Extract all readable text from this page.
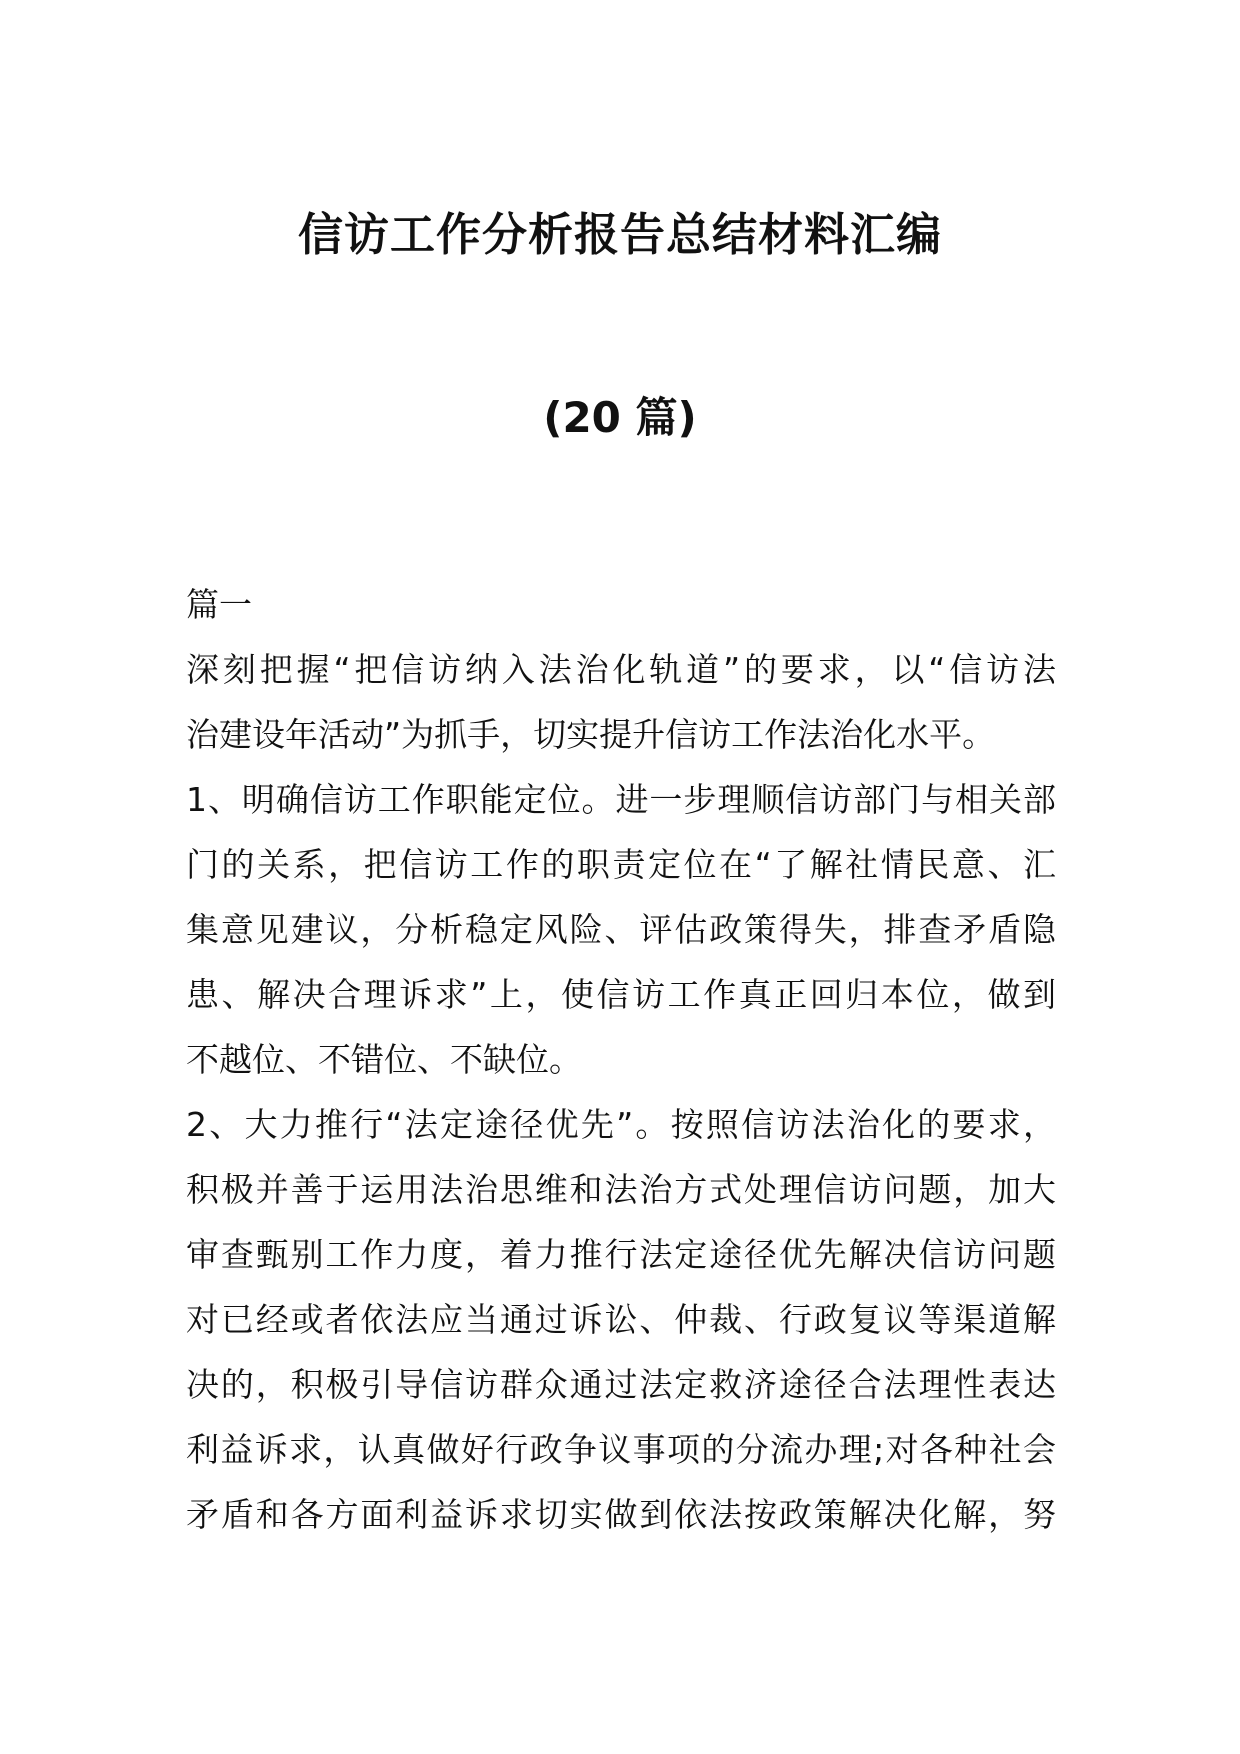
信访工作分析报告总结材料汇编
(20 篇)
篇一
深刻把握“把信访纳入法治化轨道”的要求，以“信访法
治建设年活动”为抓手，切实提升信访工作法治化水平。
1、明确信访工作职能定位。进一步理顺信访部门与相关部
门的关系，把信访工作的职责定位在“了解社情民意、汇
集意见建议，分析稳定风险、评估政策得失，排查矛盾隐
患、解决合理诉求”上，使信访工作真正回归本位，做到
不越位、不错位、不缺位。
2、大力推行“法定途径优先”。按照信访法治化的要求，
积极并善于运用法治思维和法治方式处理信访问题，加大
审查甄别工作力度，着力推行法定途径优先解决信访问题
对已经或者依法应当通过诉讼、仲裁、行政复议等渠道解
决的，积极引导信访群众通过法定救济途径合法理性表达
利益诉求，认真做好行政争议事项的分流办理;对各种社会
矛盾和各方面利益诉求切实做到依法按政策解决化解，努
